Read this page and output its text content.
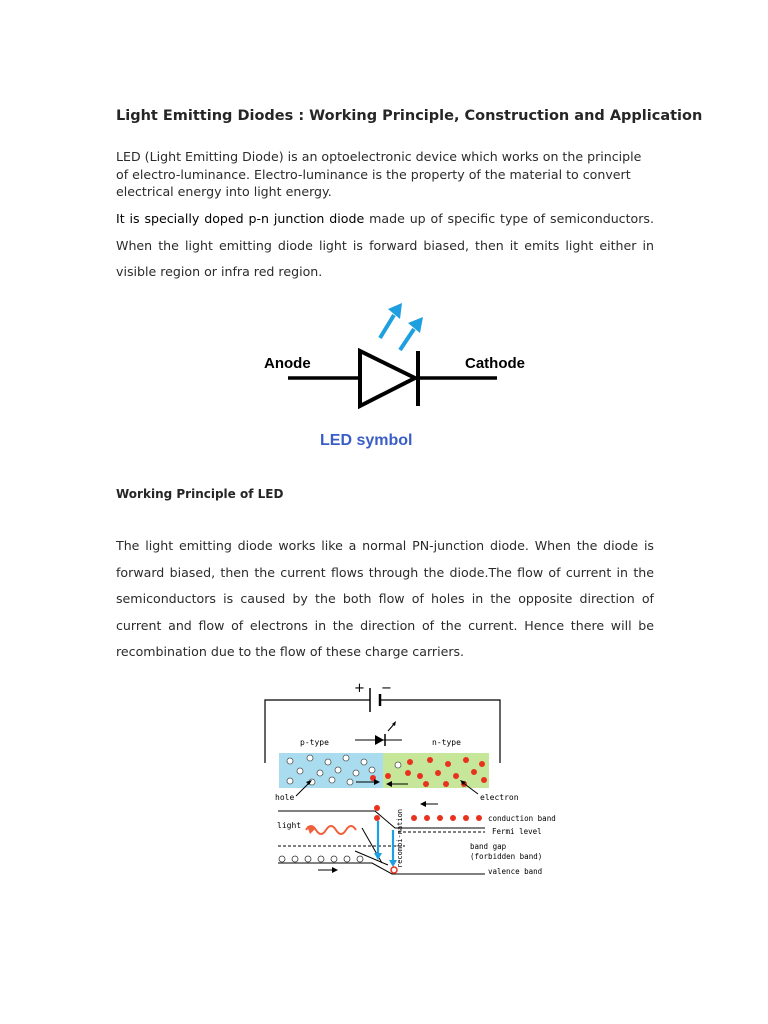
Light Emitting Diodes : Working Principle, Construction and Application
LED (Light Emitting Diode) is an optoelectronic device which works on the principle of electro-luminance. Electro-luminance is the property of the material to convert electrical energy into light energy.
It is specially doped p-n junction diode made up of specific type of semiconductors. When the light emitting diode light is forward biased, then it emits light either in visible region or infra red region.
Anode	Cathode
LED symbol
Working Principle of LED
The light emitting diode works like a normal PN-junction diode. When the diode is forward biased, then the current flows through the diode.The flow of current in the semiconductors is caused by the both flow of holes in the opposite direction of current and flow of electrons in the direction of the current. Hence there will be recombination due to the flow of these charge carriers.
+ −
p-type	n-type
hole	electron
light	recombi-nation	conduction band
Fermi level
band gap
(forbidden band)
valence band
